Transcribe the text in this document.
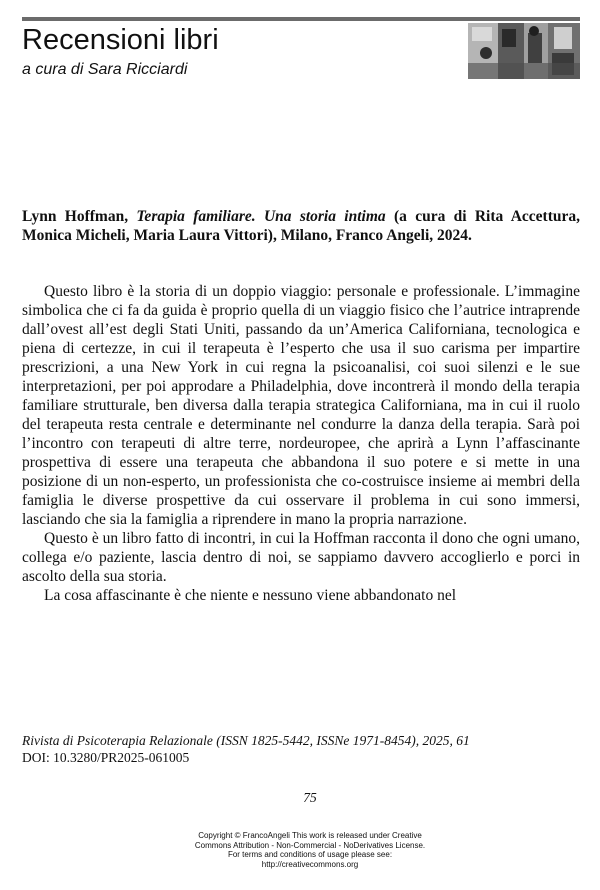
Recensioni libri
a cura di Sara Ricciardi
Lynn Hoffman, Terapia familiare. Una storia intima (a cura di Rita Accettura, Monica Micheli, Maria Laura Vittori), Milano, Franco Angeli, 2024.

Questo libro è la storia di un doppio viaggio: personale e professionale. L’immagine simbolica che ci fa da guida è proprio quella di un viaggio fisico che l’autrice intraprende dall’ovest all’est degli Stati Uniti, passando da un’America Californiana, tecnologica e piena di certezze, in cui il terapeuta è l’esperto che usa il suo carisma per impartire prescrizioni, a una New York in cui regna la psicoanalisi, coi suoi silenzi e le sue interpretazioni, per poi approdare a Philadelphia, dove incontrerà il mondo della terapia familiare strutturale, ben diversa dalla terapia strategica Californiana, ma in cui il ruolo del terapeuta resta centrale e determinante nel condurre la danza della terapia. Sarà poi l’incontro con terapeuti di altre terre, nordeuropee, che aprirà a Lynn l’affascinante prospettiva di essere una terapeuta che abbandona il suo potere e si mette in una posizione di un non-esperto, un professionista che co-costruisce insieme ai membri della famiglia le diverse prospettive da cui osservare il problema in cui sono immersi, lasciando che sia la famiglia a riprendere in mano la propria narrazione.

Questo è un libro fatto di incontri, in cui la Hoffman racconta il dono che ogni umano, collega e/o paziente, lascia dentro di noi, se sappiamo davvero accoglierlo e porci in ascolto della sua storia.

La cosa affascinante è che niente e nessuno viene abbandonato nel

Rivista di Psicoterapia Relazionale (ISSN 1825-5442, ISSNe 1971-8454), 2025, 61
DOI: 10.3280/PR2025-061005
75
Copyright © FrancoAngeli This work is released under Creative
Commons Attribution - Non-Commercial - NoDerivatives License.
For terms and conditions of usage please see:
http://creativecommons.org
